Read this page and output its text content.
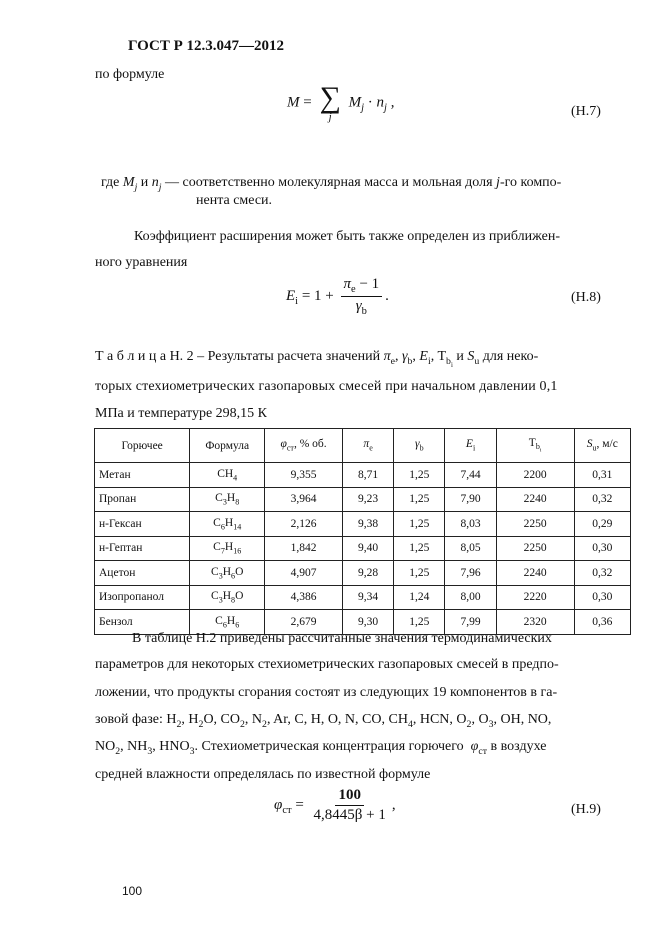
ГОСТ Р 12.3.047—2012
по формуле
M = ∑
j
$M_j \cdot n_j$ ,
(Н.7)
где $M_j$ и $n_j$ — соответственно молекулярная масса и мольная доля j-го компо-
нента смеси.
Коэффициент расширения может быть также определен из приближен-
ного уравнения
$E_i = 1 + \frac{\pi_e - 1}{\gamma_b}$ .	(Н.8)
Т а б л и ц а Н. 2 – Результаты расчета значений $\pi_e$, $\gamma_b$, $E_i$, $T_{b_i}$ и $S_u$ для неко-
торых стехиометрических газопаровых смесей при начальном давлении 0,1
МПа и температуре 298,15 К
Горючее	Формула	$\varphi_{ст}$, % об.	$\pi_e$	$\gamma_b$	$E_i$	$T_{b_i}$	$S_u$, м/с
Метан	$CH_4$	9,355	8,71	1,25	7,44	2200	0,31
Пропан	$C_3H_8$	3,964	9,23	1,25	7,90	2240	0,32
н-Гексан	$C_6H_{14}$	2,126	9,38	1,25	8,03	2250	0,29
н-Гептан	$C_7H_{16}$	1,842	9,40	1,25	8,05	2250	0,30
Ацетон	$C_3H_6O$	4,907	9,28	1,25	7,96	2240	0,32
Изопропанол	$C_3H_8O$	4,386	9,34	1,24	8,00	2220	0,30
Бензол	$C_6H_6$	2,679	9,30	1,25	7,99	2320	0,36
В таблице Н.2 приведены рассчитанные значения термодинамических
параметров для некоторых стехиометрических газопаровых смесей в предпо-
ложении, что продукты сгорания состоят из следующих 19 компонентов в га-
зовой фазе: $H_2$, $H_2O$, $CO_2$, $N_2$, Ar, C, H, O, N, CO, $CH_4$, HCN, $O_2$, $O_3$, OH, NO,
$NO_2$, $NH_3$, $HNO_3$. Стехиометрическая концентрация горючего $\varphi_{ст}$ в воздухе
средней влажности определялась по известной формуле
$\varphi_{ст} = \frac{100}{4,8445\beta + 1}$ ,	(Н.9)
100
